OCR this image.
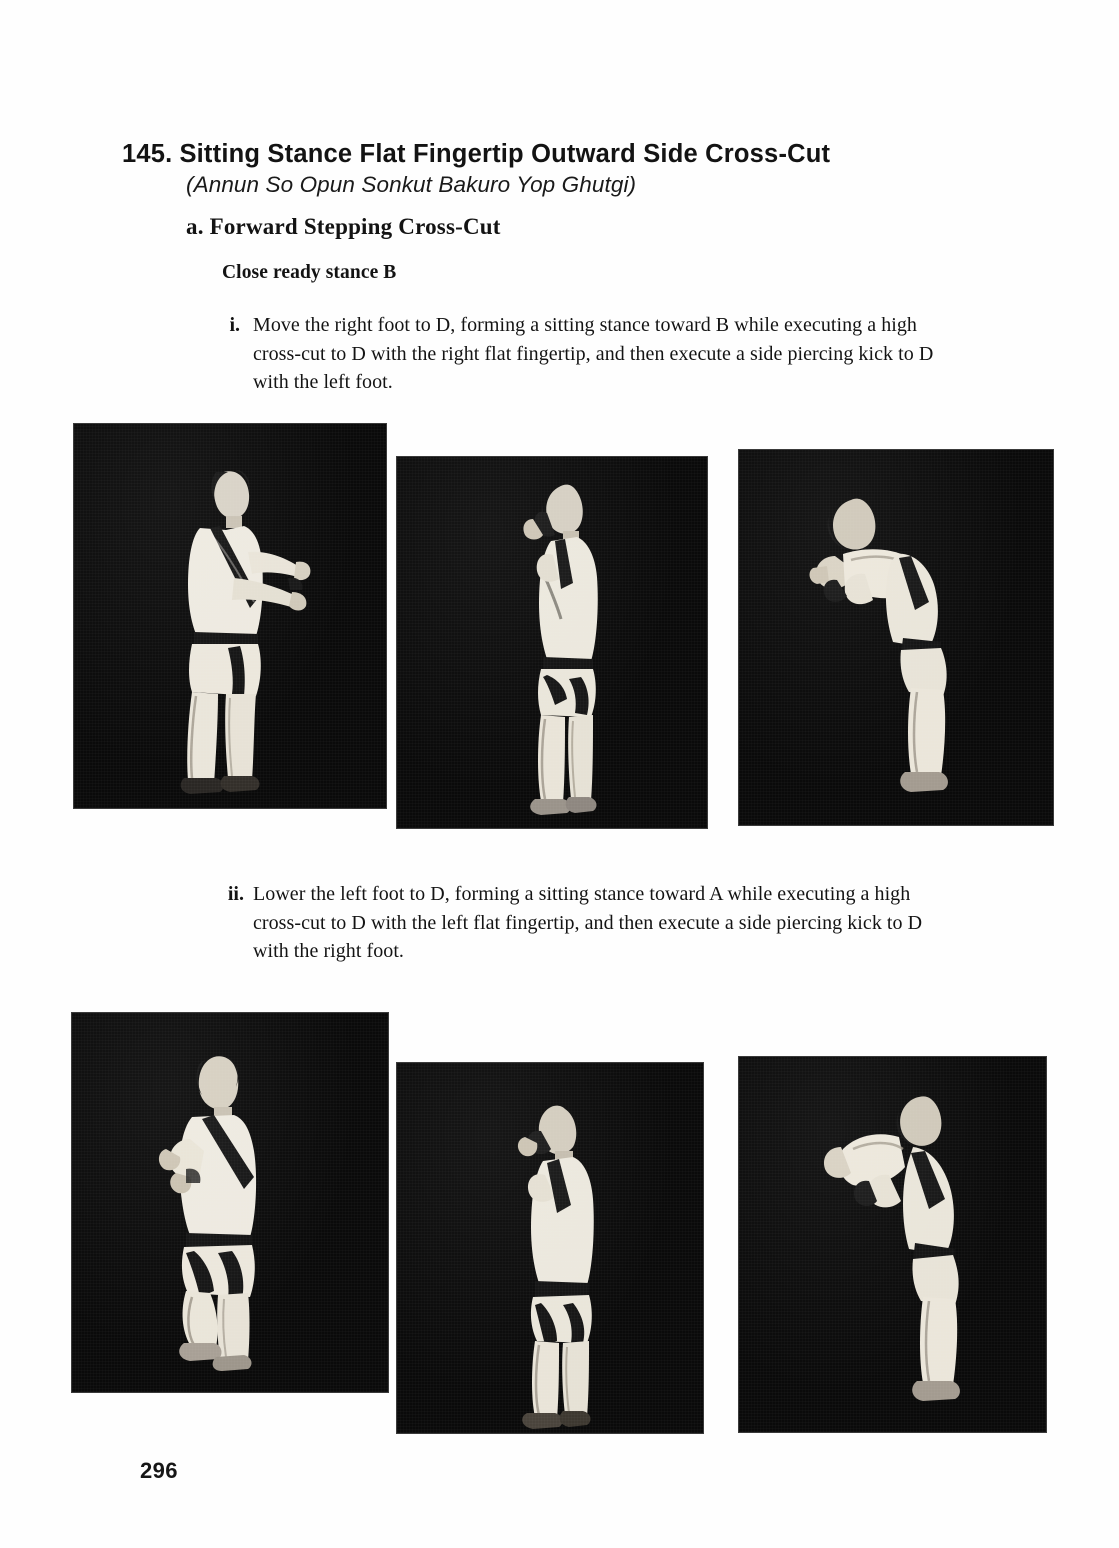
145. Sitting Stance Flat Fingertip Outward Side Cross-Cut
(Annun So Opun Sonkut Bakuro Yop Ghutgi)
a. Forward Stepping Cross-Cut
Close ready stance B
i. Move the right foot to D, forming a sitting stance toward B while executing a high cross-cut to D with the right flat fingertip, and then execute a side piercing kick to D with the left foot.
ii. Lower the left foot to D, forming a sitting stance toward A while executing a high cross-cut to D with the left flat fingertip, and then execute a side piercing kick to D with the right foot.
296
